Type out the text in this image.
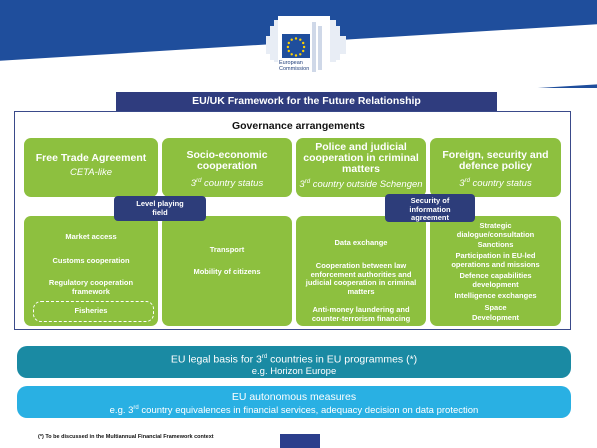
European
Commission
EU/UK Framework for the Future Relationship
Governance arrangements
Free Trade Agreement
CETA-like
Socio-economic cooperation
3rd country status
Police and judicial cooperation in criminal matters
3rd country outside Schengen
Foreign, security and defence policy
3rd country status
Market access
Customs cooperation
Regulatory cooperation framework
Fisheries
Transport
Mobility of citizens
Data exchange
Cooperation between law enforcement authorities and judicial cooperation in criminal matters
Anti-money laundering and counter-terrorism financing
Strategic dialogue/consultation
Sanctions
Participation in EU-led operations and missions
Defence capabilities development
Intelligence exchanges
Space
Development
Level playing field
Security of information agreement
EU legal basis for 3rd countries in EU programmes (*)
e.g. Horizon Europe
EU autonomous measures
e.g. 3rd country equivalences in financial services, adequacy decision on data protection
(*) To be discussed in the Multiannual Financial Framework context
